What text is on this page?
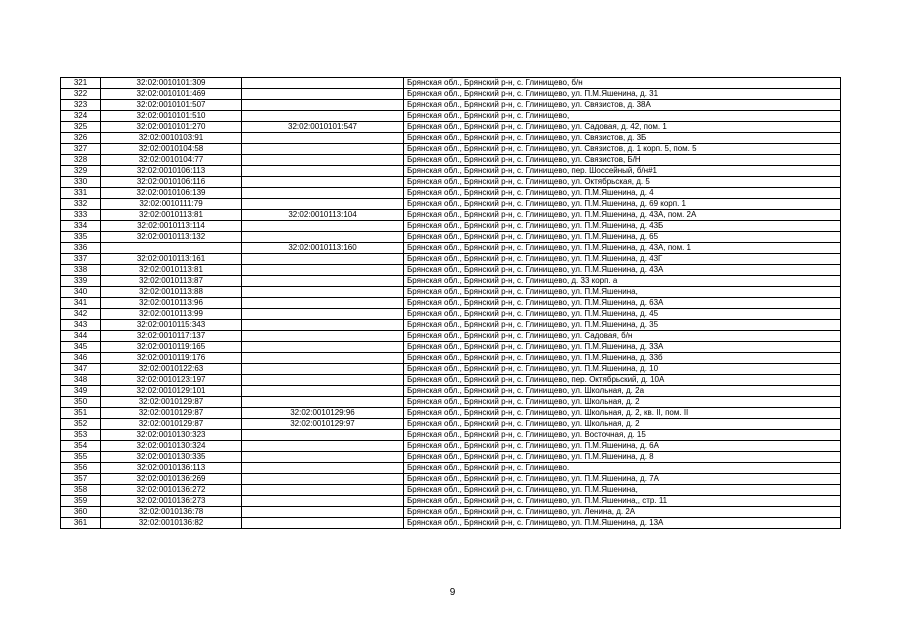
321	32:02:0010101:309		Брянская обл., Брянский р-н, с. Глинищево, б/н
322	32:02:0010101:469		Брянская обл., Брянский р-н, с. Глинищево, ул. П.М.Яшенина, д. 31
323	32:02:0010101:507		Брянская обл., Брянский р-н, с. Глинищево, ул. Связистов, д. 38А
324	32:02:0010101:510		Брянская обл., Брянский р-н, с. Глинищево,
325	32:02:0010101:270	32:02:0010101:547	Брянская обл., Брянский р-н, с. Глинищево, ул. Садовая, д. 42, пом. 1
326	32:02:0010103:91		Брянская обл., Брянский р-н, с. Глинищево, ул. Связистов, д. 3Б
327	32:02:0010104:58		Брянская обл., Брянский р-н, с. Глинищево, ул. Связистов, д. 1 корп. 5, пом. 5
328	32:02:0010104:77		Брянская обл., Брянский р-н, с. Глинищево, ул. Связистов, Б/Н
329	32:02:0010106:113		Брянская обл., Брянский р-н, с. Глинищево, пер. Шоссейный, б/н#1
330	32:02:0010106:116		Брянская обл., Брянский р-н, с. Глинищево, ул. Октябрьская, д. 5
331	32:02:0010106:139		Брянская обл., Брянский р-н, с. Глинищево, ул. П.М.Яшенина, д. 4
332	32:02:0010111:79		Брянская обл., Брянский р-н, с. Глинищево, ул. П.М.Яшенина, д. 69 корп. 1
333	32:02:0010113:81	32:02:0010113:104	Брянская обл., Брянский р-н, с. Глинищево, ул. П.М.Яшенина, д. 43А, пом. 2А
334	32:02:0010113:114		Брянская обл., Брянский р-н, с. Глинищево, ул. П.М.Яшенина, д. 43Б
335	32:02:0010113:132		Брянская обл., Брянский р-н, с. Глинищево, ул. П.М.Яшенина, д. 65
336		32:02:0010113:160	Брянская обл., Брянский р-н, с. Глинищево, ул. П.М.Яшенина, д. 43А, пом. 1
337	32:02:0010113:161		Брянская обл., Брянский р-н, с. Глинищево, ул. П.М.Яшенина, д. 43Г
338	32:02:0010113:81		Брянская обл., Брянский р-н, с. Глинищево, ул. П.М.Яшенина, д. 43А
339	32:02:0010113:87		Брянская обл., Брянский р-н, с. Глинищево, д. 33 корп. а
340	32:02:0010113:88		Брянская обл., Брянский р-н, с. Глинищево, ул. П.М.Яшенина,
341	32:02:0010113:96		Брянская обл., Брянский р-н, с. Глинищево, ул. П.М.Яшенина, д. 63А
342	32:02:0010113:99		Брянская обл., Брянский р-н, с. Глинищево, ул. П.М.Яшенина, д. 45
343	32:02:0010115:343		Брянская обл., Брянский р-н, с. Глинищево, ул. П.М.Яшенина, д. 35
344	32:02:0010117:137		Брянская обл., Брянский р-н, с. Глинищево, ул. Садовая, б/н
345	32:02:0010119:165		Брянская обл., Брянский р-н, с. Глинищево, ул. П.М.Яшенина, д. 33А
346	32:02:0010119:176		Брянская обл., Брянский р-н, с. Глинищево, ул. П.М.Яшенина, д. 33б
347	32:02:0010122:63		Брянская обл., Брянский р-н, с. Глинищево, ул. П.М.Яшенина, д. 10
348	32:02:0010123:197		Брянская обл., Брянский р-н, с. Глинищево, пер. Октябрьский, д. 10А
349	32:02:0010129:101		Брянская обл., Брянский р-н, с. Глинищево, ул. Школьная, д. 2а
350	32:02:0010129:87		Брянская обл., Брянский р-н, с. Глинищево, ул. Школьная, д. 2
351	32:02:0010129:87	32:02:0010129:96	Брянская обл., Брянский р-н, с. Глинищево, ул. Школьная, д. 2, кв. II, пом. II
352	32:02:0010129:87	32:02:0010129:97	Брянская обл., Брянский р-н, с. Глинищево, ул. Школьная, д. 2
353	32:02:0010130:323		Брянская обл., Брянский р-н, с. Глинищево, ул. Восточная, д. 15
354	32:02:0010130:324		Брянская обл., Брянский р-н, с. Глинищево, ул. П.М.Яшенина, д. 6А
355	32:02:0010130:335		Брянская обл., Брянский р-н, с. Глинищево, ул. П.М.Яшенина, д. 8
356	32:02:0010136:113		Брянская обл., Брянский р-н, с. Глинищево.
357	32:02:0010136:269		Брянская обл., Брянский р-н, с. Глинищево, ул. П.М.Яшенина, д. 7А
358	32:02:0010136:272		Брянская обл., Брянский р-н, с. Глинищево, ул. П.М.Яшенина,
359	32:02:0010136:273		Брянская обл., Брянский р-н, с. Глинищево, ул. П.М.Яшенина,, стр. 11
360	32:02:0010136:78		Брянская обл., Брянский р-н, с. Глинищево, ул. Ленина, д. 2А
361	32:02:0010136:82		Брянская обл., Брянский р-н, с. Глинищево, ул. П.М.Яшенина, д. 13А
9
